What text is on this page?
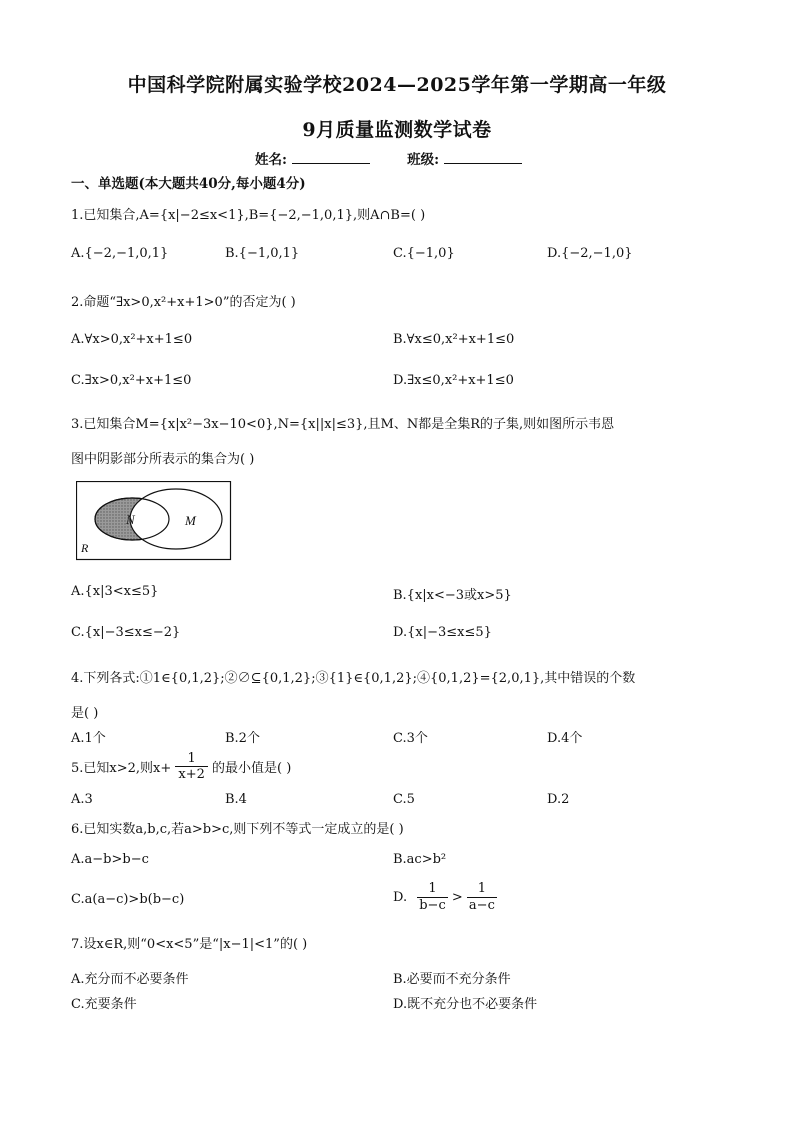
中国科学院附属实验学校2024—2025学年第一学期高一年级
9月质量监测数学试卷
姓名:	班级:
一、单选题(本大题共40分,每小题4分)
1.已知集合,A={x|−2≤x<1},B={−2,−1,0,1},则A∩B=( )
A.{−2,−1,0,1}	B.{−1,0,1}	C.{−1,0}	D.{−2,−1,0}
2.命题“∃x>0,x²+x+1>0”的否定为( )
A.∀x>0,x²+x+1≤0	B.∀x≤0,x²+x+1≤0
C.∃x>0,x²+x+1≤0	D.∃x≤0,x²+x+1≤0
3.已知集合M={x|x²−3x−10<0},N={x||x|≤3},且M、N都是全集R的子集,则如图所示韦恩
图中阴影部分所表示的集合为( )
N	M
R
A.{x|3<x≤5}	B.{x|x<−3或x>5}
C.{x|−3≤x≤−2}	D.{x|−3≤x≤5}
4.下列各式:①1∈{0,1,2};②∅⊆{0,1,2};③{1}∈{0,1,2};④{0,1,2}={2,0,1},其中错误的个数
是( )
A.1个	B.2个	C.3个	D.4个
5.已知x>2,则$x+ \frac{1}{x+2}$ 的最小值是( )
A.3	B.4	C.5	D.2
6.已知实数a,b,c,若a>b>c,则下列不等式一定成立的是( )
A.a−b>b−c	B.ac>b²
C.a(a−c)>b(b−c)	D. $\frac{1}{b-c} > \frac{1}{a-c}$
7.设x∈R,则“0<x<5”是“|x−1|<1”的( )
A.充分而不必要条件	B.必要而不充分条件
C.充要条件	D.既不充分也不必要条件
